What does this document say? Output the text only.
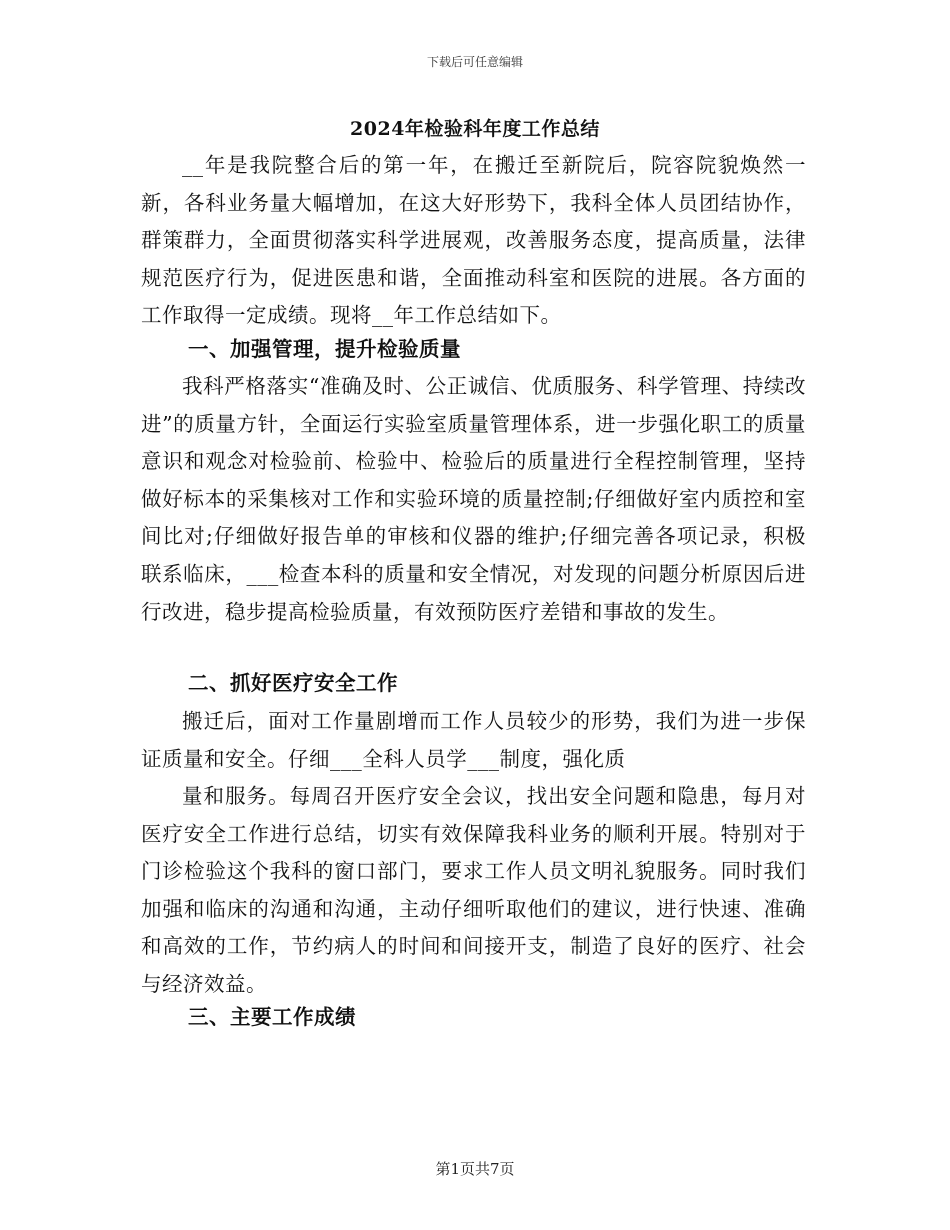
下载后可任意编辑
2024年检验科年度工作总结

__年是我院整合后的第一年，在搬迁至新院后，院容院貌焕然一新，各科业务量大幅增加，在这大好形势下，我科全体人员团结协作，群策群力，全面贯彻落实科学进展观，改善服务态度，提高质量，法律规范医疗行为，促进医患和谐，全面推动科室和医院的进展。各方面的工作取得一定成绩。现将__年工作总结如下。

一、加强管理，提升检验质量

我科严格落实“准确及时、公正诚信、优质服务、科学管理、持续改进”的质量方针，全面运行实验室质量管理体系，进一步强化职工的质量意识和观念对检验前、检验中、检验后的质量进行全程控制管理，坚持做好标本的采集核对工作和实验环境的质量控制;仔细做好室内质控和室间比对;仔细做好报告单的审核和仪器的维护;仔细完善各项记录，积极联系临床，___检查本科的质量和安全情况，对发现的问题分析原因后进行改进，稳步提高检验质量，有效预防医疗差错和事故的发生。

二、抓好医疗安全工作

搬迁后，面对工作量剧增而工作人员较少的形势，我们为进一步保证质量和安全。仔细___全科人员学___制度，强化质

量和服务。每周召开医疗安全会议，找出安全问题和隐患，每月对医疗安全工作进行总结，切实有效保障我科业务的顺利开展。特别对于门诊检验这个我科的窗口部门，要求工作人员文明礼貌服务。同时我们加强和临床的沟通和沟通，主动仔细听取他们的建议，进行快速、准确和高效的工作，节约病人的时间和间接开支，制造了良好的医疗、社会与经济效益。

三、主要工作成绩
第1页共7页
